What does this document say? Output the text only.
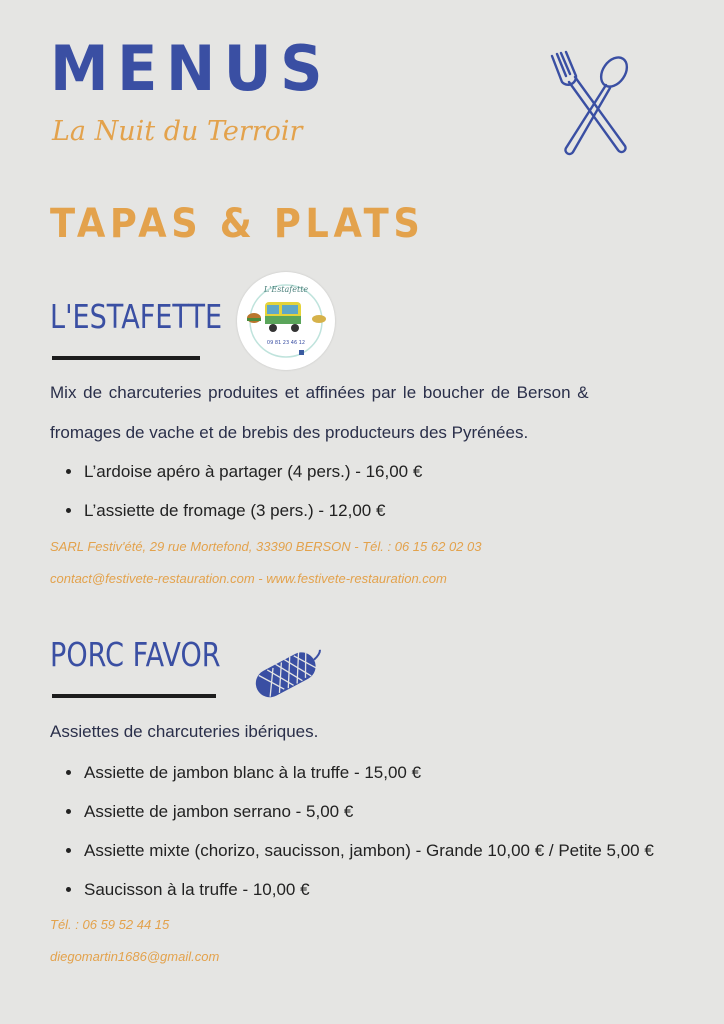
MENUS
La Nuit du Terroir
TAPAS & PLATS
L'ESTAFETTE
L'Estafette
09 81 23 46 12
Mix de charcuteries produites et affinées par le boucher de Berson &
fromages de vache et de brebis des producteurs des Pyrénées.
L’ardoise apéro à partager (4 pers.) - 16,00 €
L’assiette de fromage (3 pers.) - 12,00 €
SARL Festiv'été, 29 rue Mortefond, 33390 BERSON - Tél. : 06 15 62 02 03
contact@festivete-restauration.com - www.festivete-restauration.com
PORC FAVOR
Assiettes de charcuteries ibériques.
Assiette de jambon blanc à la truffe - 15,00 €
Assiette de jambon serrano - 5,00 €
Assiette mixte (chorizo, saucisson, jambon) - Grande 10,00 € / Petite 5,00 €
Saucisson à la truffe - 10,00 €
Tél. : 06 59 52 44 15
diegomartin1686@gmail.com
